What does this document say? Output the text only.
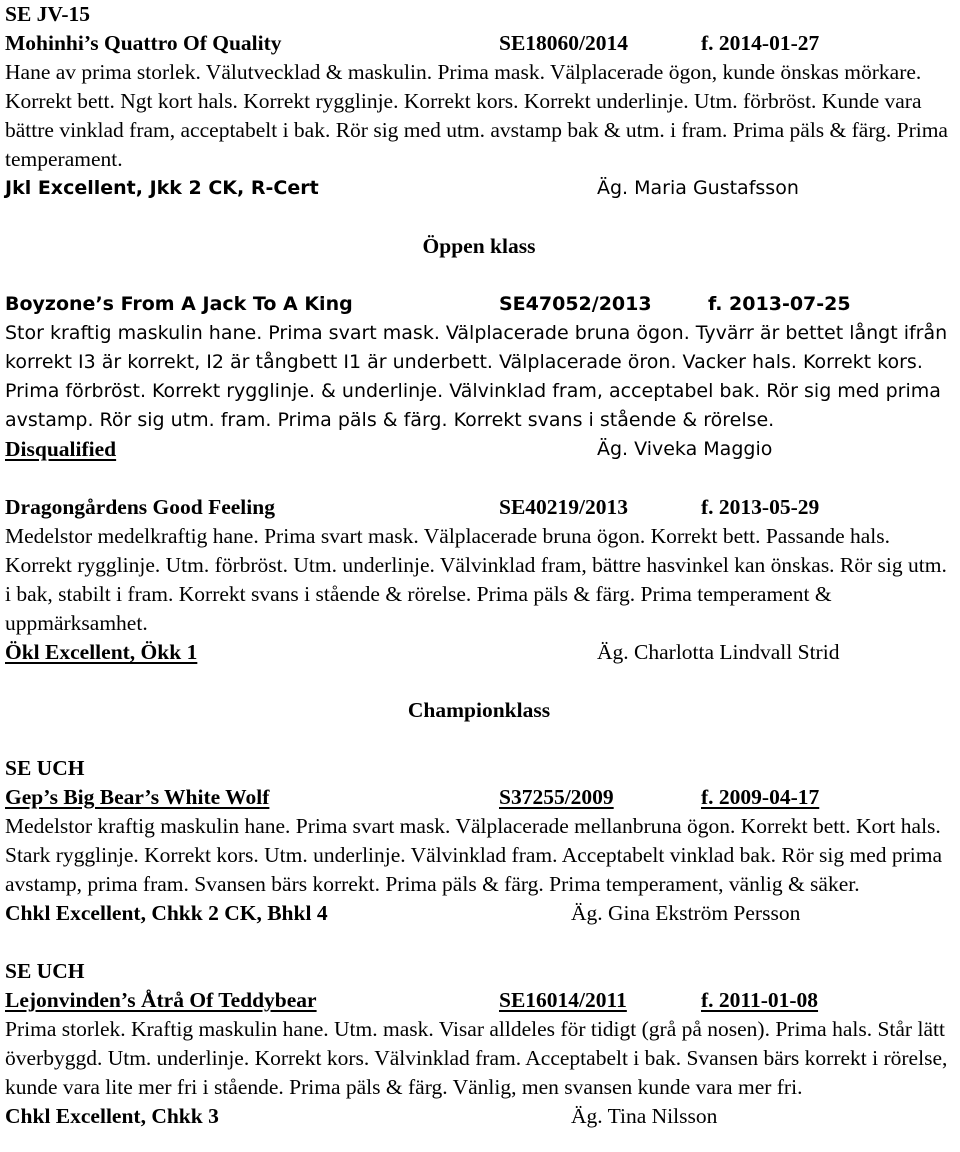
SE JV-15
Mohinhi’s Quattro Of Quality	SE18060/2014	f. 2014-01-27

Hane av prima storlek. Välutvecklad & maskulin. Prima mask. Välplacerade ögon, kunde önskas mörkare. Korrekt bett. Ngt kort hals. Korrekt rygglinje. Korrekt kors. Korrekt underlinje. Utm. förbröst. Kunde vara bättre vinklad fram, acceptabelt i bak. Rör sig med utm. avstamp bak & utm. i fram. Prima päls & färg. Prima temperament.

Jkl Excellent, Jkk 2 CK, R-Cert	Äg. Maria Gustafsson
Öppen klass
Boyzone’s From A Jack To A King	SE47052/2013	f. 2013-07-25

Stor kraftig maskulin hane. Prima svart mask. Välplacerade bruna ögon. Tyvärr är bettet långt ifrån korrekt I3 är korrekt, I2 är tångbett I1 är underbett. Välplacerade öron. Vacker hals. Korrekt kors. Prima förbröst. Korrekt rygglinje. & underlinje. Välvinklad fram, acceptabel bak. Rör sig med prima avstamp. Rör sig utm. fram. Prima päls & färg. Korrekt svans i stående & rörelse.

Disqualified	Äg. Viveka Maggio
Dragongårdens Good Feeling	SE40219/2013	f. 2013-05-29

Medelstor medelkraftig hane. Prima svart mask. Välplacerade bruna ögon. Korrekt bett. Passande hals. Korrekt rygglinje. Utm. förbröst. Utm. underlinje. Välvinklad fram, bättre hasvinkel kan önskas. Rör sig utm. i bak, stabilt i fram. Korrekt svans i stående & rörelse. Prima päls & färg. Prima temperament & uppmärksamhet.

Ökl Excellent, Ökk 1	Äg. Charlotta Lindvall Strid
Championklass
SE UCH
Gep’s Big Bear’s White Wolf	S37255/2009	f. 2009-04-17

Medelstor kraftig maskulin hane. Prima svart mask. Välplacerade mellanbruna ögon. Korrekt bett. Kort hals. Stark rygglinje. Korrekt kors. Utm. underlinje. Välvinklad fram. Acceptabelt vinklad bak. Rör sig med prima avstamp, prima fram. Svansen bärs korrekt. Prima päls & färg. Prima temperament, vänlig & säker.

Chkl Excellent, Chkk 2 CK, Bhkl 4	Äg. Gina Ekström Persson
SE UCH
Lejonvinden’s Åtrå Of Teddybear	SE16014/2011	f. 2011-01-08

Prima storlek. Kraftig maskulin hane. Utm. mask. Visar alldeles för tidigt (grå på nosen). Prima hals. Står lätt överbyggd. Utm. underlinje. Korrekt kors. Välvinklad fram. Acceptabelt i bak. Svansen bärs korrekt i rörelse, kunde vara lite mer fri i stående. Prima päls & färg. Vänlig, men svansen kunde vara mer fri.

Chkl Excellent, Chkk 3	Äg. Tina Nilsson
